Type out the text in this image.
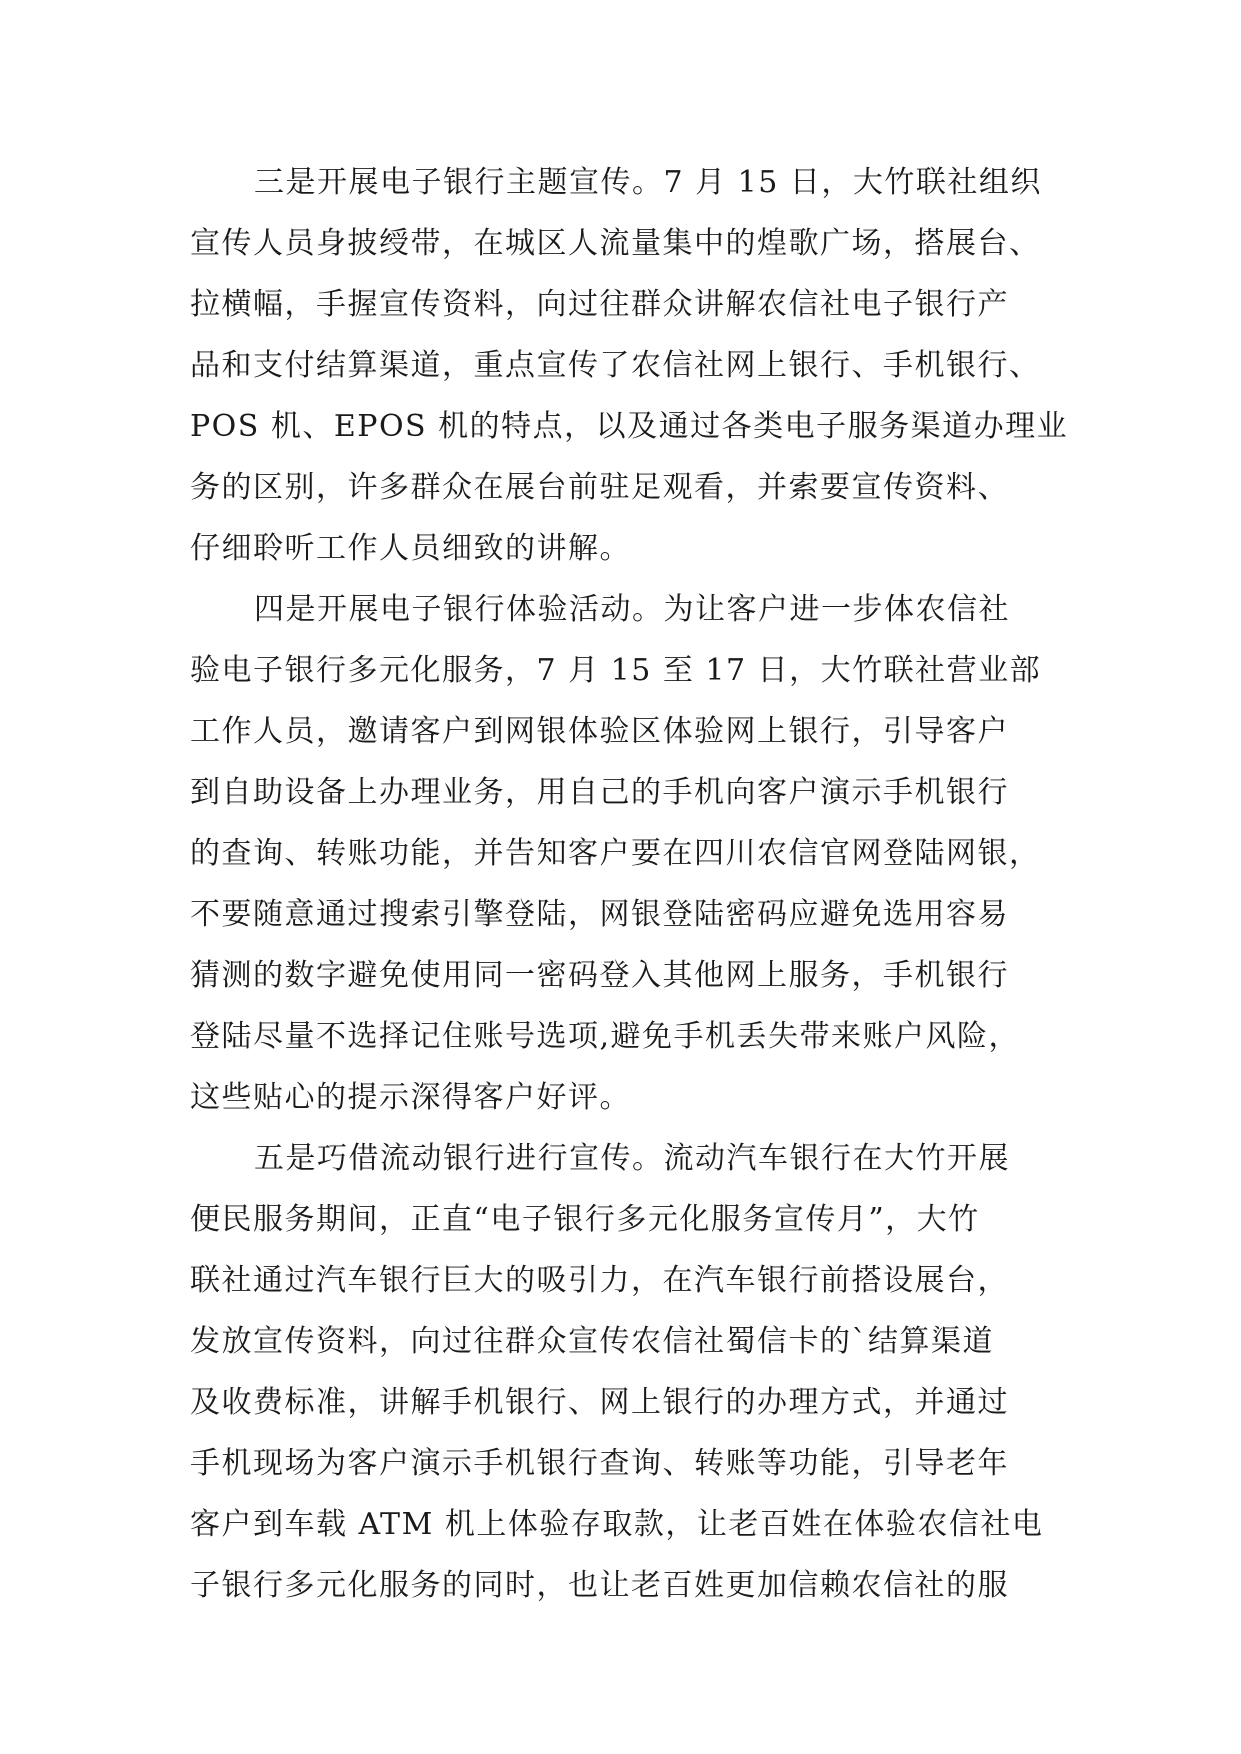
三是开展电子银行主题宣传。7 月 15 日，大竹联社组织
宣传人员身披绶带，在城区人流量集中的煌歌广场，搭展台、
拉横幅，手握宣传资料，向过往群众讲解农信社电子银行产
品和支付结算渠道，重点宣传了农信社网上银行、手机银行、
POS 机、EPOS 机的特点，以及通过各类电子服务渠道办理业
务的区别，许多群众在展台前驻足观看，并索要宣传资料、
仔细聆听工作人员细致的讲解。
四是开展电子银行体验活动。为让客户进一步体农信社
验电子银行多元化服务，7 月 15 至 17 日，大竹联社营业部
工作人员，邀请客户到网银体验区体验网上银行，引导客户
到自助设备上办理业务，用自己的手机向客户演示手机银行
的查询、转账功能，并告知客户要在四川农信官网登陆网银，
不要随意通过搜索引擎登陆，网银登陆密码应避免选用容易
猜测的数字避免使用同一密码登入其他网上服务，手机银行
登陆尽量不选择记住账号选项,避免手机丢失带来账户风险，
这些贴心的提示深得客户好评。
五是巧借流动银行进行宣传。流动汽车银行在大竹开展
便民服务期间，正直“电子银行多元化服务宣传月”，大竹
联社通过汽车银行巨大的吸引力，在汽车银行前搭设展台，
发放宣传资料，向过往群众宣传农信社蜀信卡的`结算渠道
及收费标准，讲解手机银行、网上银行的办理方式，并通过
手机现场为客户演示手机银行查询、转账等功能，引导老年
客户到车载 ATM 机上体验存取款，让老百姓在体验农信社电
子银行多元化服务的同时，也让老百姓更加信赖农信社的服
